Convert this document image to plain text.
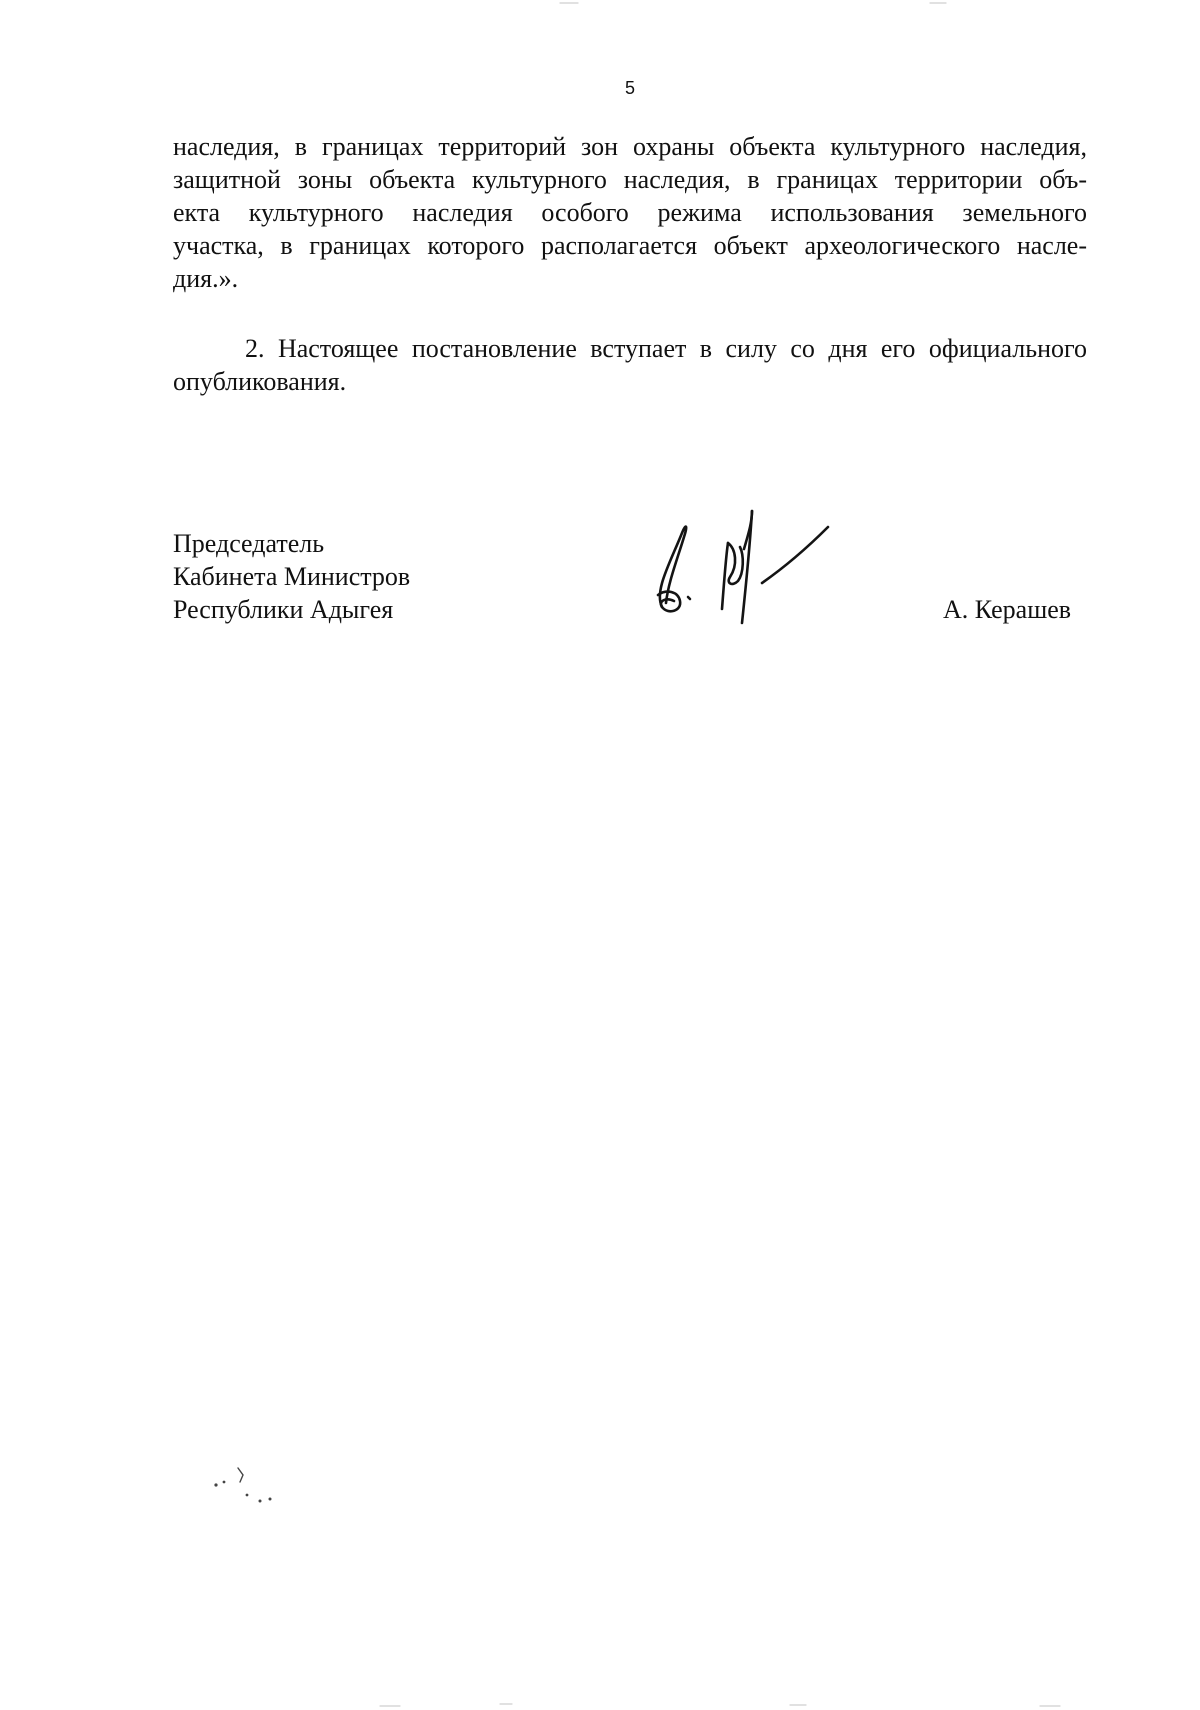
5
наследия, в границах территорий зон охраны объекта культурного наследия,
защитной зоны объекта культурного наследия, в границах территории объ-
екта культурного наследия особого режима использования земельного
участка, в границах которого располагается объект археологического насле-
дия.».
2. Настоящее постановление вступает в силу со дня его официального
опубликования.
Председатель
Кабинета Министров
Республики Адыгея	А. Керашев
